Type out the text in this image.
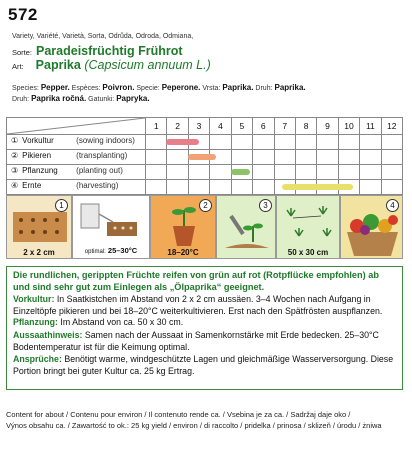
572
Variety, Variété, Varietà, Sorta, Odrůda, Odroda, Odmiana,
Sorte: Paradeisfrüchtig Frührot
Art: Paprika (Capsicum annuum L.)
Species: Pepper. Espèces: Poivron. Specie: Peperone. Vrsta: Paprika. Druh: Paprika.
Druh: Paprika ročná. Gatunki: Papryka.
1	2	3	4	5	6	7	8	9	10	11	12
① Vorkultur	(sowing indoors)
② Pikieren	(transplanting)
③ Pflanzung	(planting out)
④ Ernte	(harvesting)
1
2 x 2 cm	optimal: 25–30°C
2
18–20°C
3
50 x 30 cm
4

Die rundlichen, gerippten Früchte reifen von grün auf rot (Rotpflücke empfohlen) ab und sind sehr gut zum Einlegen als „Ölpaprika“ geeignet.

Vorkultur: In Saatkistchen im Abstand von 2 x 2 cm aussäen. 3–4 Wochen nach Aufgang in Einzeltöpfe pikieren und bei 18–20°C weiterkultivieren. Erst nach den Spätfrösten auspflanzen. Pflanzung: Im Abstand von ca. 50 x 30 cm.

Aussaathinweis: Samen nach der Aussaat in Samenkornstärke mit Erde bedecken. 25–30°C Bodentemperatur ist für die Keimung optimal.

Ansprüche: Benötigt warme, windgeschützte Lagen und gleichmäßige Wasserversorgung. Diese Portion bringt bei guter Kultur ca. 25 kg Ertrag.

Content for about / Contenu pour environ / Il contenuto rende ca. / Vsebina je za ca. / Sadržaj daje oko /
Výnos obsahu ca. / Zawartość to ok.: 25 kg yield / environ / di raccolto / pridelka / prinosa / sklizeň / úrodu / żniwa
